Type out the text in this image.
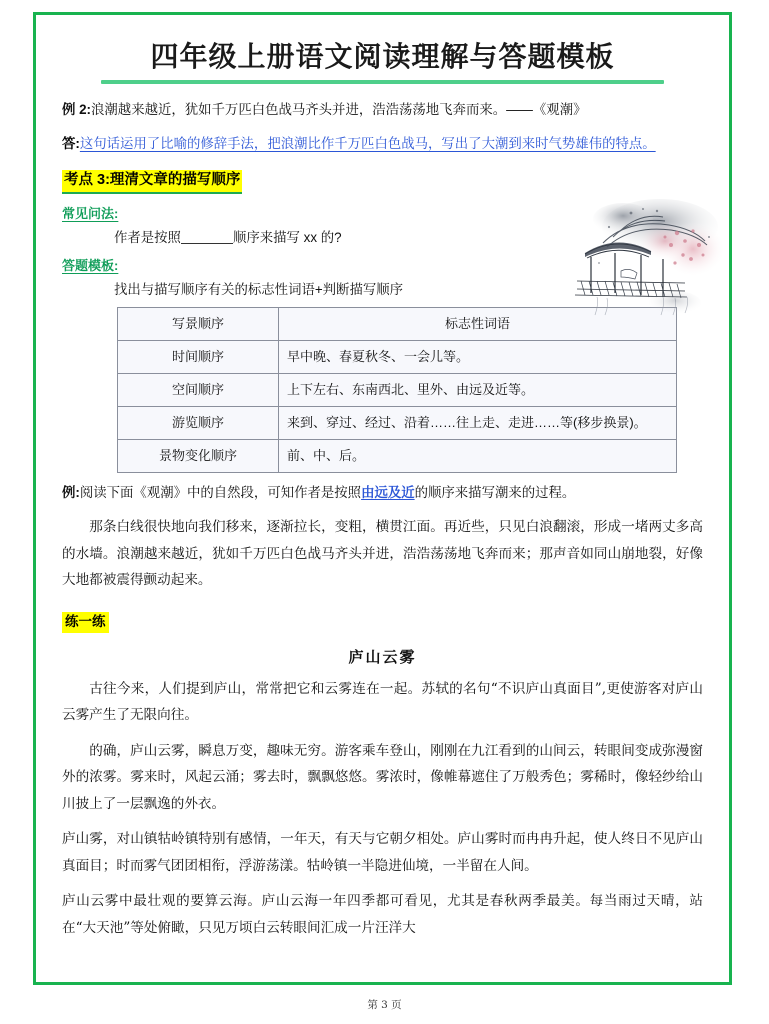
四年级上册语文阅读理解与答题模板
例 2:浪潮越来越近，犹如千万匹白色战马齐头并进，浩浩荡荡地飞奔而来。——《观潮》
答:这句话运用了比喻的修辞手法，把浪潮比作千万匹白色战马，写出了大潮到来时气势雄伟的特点。
考点 3:理清文章的描写顺序
常见问法:
作者是按照	顺序来描写 xx 的?
答题模板:
找出与描写顺序有关的标志性词语+判断描写顺序
写景顺序	标志性词语
时间顺序	早中晚、春夏秋冬、一会儿等。
空间顺序	上下左右、东南西北、里外、由远及近等。
游览顺序	来到、穿过、经过、沿着……往上走、走进……等(移步换景)。
景物变化顺序	前、中、后。
例:阅读下面《观潮》中的自然段，可知作者是按照由远及近的顺序来描写潮来的过程。
那条白线很快地向我们移来，逐渐拉长，变粗，横贯江面。再近些，只见白浪翻滚，形成一堵两丈多高的水墙。浪潮越来越近，犹如千万匹白色战马齐头并进，浩浩荡荡地飞奔而来；那声音如同山崩地裂，好像大地都被震得颤动起来。
练一练
庐山云雾
古往今来，人们提到庐山，常常把它和云雾连在一起。苏轼的名句“不识庐山真面目”,更使游客对庐山云雾产生了无限向往。
的确，庐山云雾，瞬息万变，趣味无穷。游客乘车登山，刚刚在九江看到的山间云，转眼间变成弥漫窗外的浓雾。雾来时，风起云涌；雾去时，飘飘悠悠。雾浓时，像帷幕遮住了万般秀色；雾稀时，像轻纱给山川披上了一层飘逸的外衣。
庐山雾，对山镇牯岭镇特别有感情，一年天，有天与它朝夕相处。庐山雾时而冉冉升起，使人终日不见庐山真面目；时而雾气团团相衔，浮游荡漾。牯岭镇一半隐进仙境，一半留在人间。
庐山云雾中最壮观的要算云海。庐山云海一年四季都可看见，尤其是春秋两季最美。每当雨过天晴，站在“大天池”等处俯瞰，只见万顷白云转眼间汇成一片汪洋大
第 3 页
